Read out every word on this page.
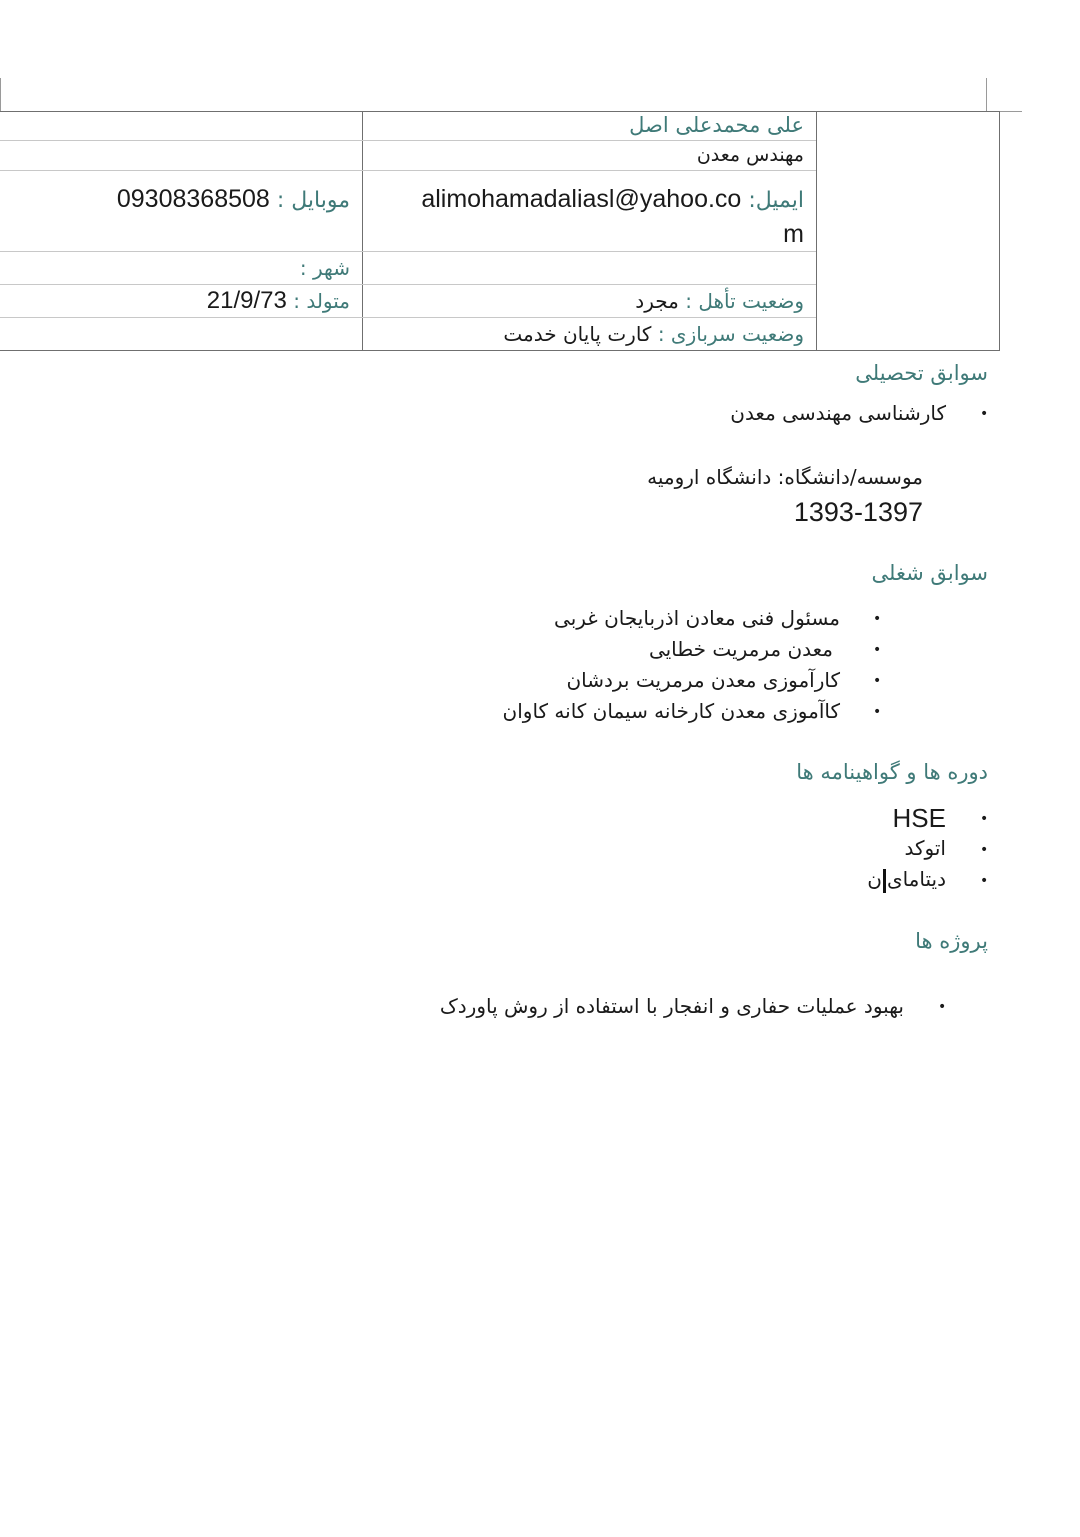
علی محمدعلی اصل
مهندس معدن
ایمیل: alimohamadaliasl@yahoo.co
m
موبایل : 09308368508
شهر :
وضعیت تأهل : مجرد
متولد : 21/9/73
وضعیت سربازی : کارت پایان خدمت
سوابق تحصیلی
•
کارشناسی مهندسی معدن
موسسه/دانشگاه: دانشگاه ارومیه
1393-1397
سوابق شغلی
•
مسئول فنی معادن اذربایجان غربی
•
معدن مرمریت خطایی
•
کارآموزی معدن مرمریت بردشان
•
کاآموزی معدن کارخانه سیمان کانه کاوان
دوره ها و گواهینامه ها
•
HSE
•
اتوکد
•
دیتاماین
پروژه ها
•
بهبود عملیات حفاری و انفجار با استفاده از روش پاوردک
